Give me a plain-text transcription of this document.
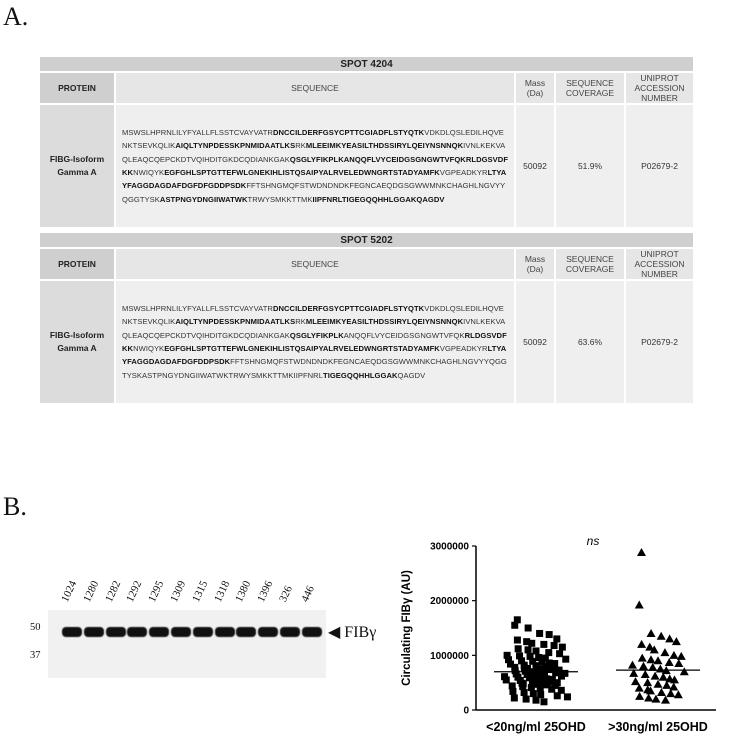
A.
SPOT 4204				
PROTEIN	SEQUENCE	Mass (Da)	SEQUENCE COVERAGE	UNIPROT ACCESSION NUMBER
FIBG-Isoform
Gamma A	MSWSLHPRNLILYFYALLFLSSTCVAYVATRDNCCILDERFGSYCPTTCGIADFLSTYQTKVDKDLQSLEDILHQVENKTSEVKQLIKAIQLTYNPDESSKPNMIDAATLKSRKMLEEIMKYEASILTHDSSIRYLQEIYNSNNQKIVNLKEKVAQLEAQCQEPCKDTVQIHDITGKDCQDIANKGAKQSGLYFIKPLKANQQFLVYCEIDGSGNGWTVFQKRLDGSVDFKKNWIQYKEGFGHLSPTGTTEFWLGNEKIHLISTQSAIPYALRVELEDWNGRTSTADYAMFKVGPEADKYRLTYAYFAGGDAGDAFDGFDFGDDPSDKFFTSHNGMQFSTWDNDNDKFEGNCAEQDGSGWWMNKCHAGHLNGVYYQGGTYSKASTPNGYDNGIIWATWKTRWYSMKKTTMKIIPFNRLTIGEGQQHHLGGAKQAGDV	50092	51.9%	P02679-2
SPOT 5202				
PROTEIN	SEQUENCE	Mass (Da)	SEQUENCE COVERAGE	UNIPROT ACCESSION NUMBER
FIBG-Isoform
Gamma A	MSWSLHPRNLILYFYALLFLSSTCVAYVATRDNCCILDERFGSYCPTTCGIADFLSTYQTKVDKDLQSLEDILHQVENKTSEVKQLIKAIQLTYNPDESSKPNMIDAATLKSRKMLEEIMKYEASILTHDSSIRYLQEIYNSNNQKIVNLKEKVAQLEAQCQEPCKDTVQIHDITGKDCQDIANKGAKQSGLYFIKPLKANQQFLVYCEIDGSGNGWTVFQKRLDGSVDFKKNWIQYKEGFGHLSPTGTTEFWLGNEKIHLISTQSAIPYALRVELEDWNGRTSTADYAMFKVGPEADKYRLTYAYFAGGDAGDAFDGFDDPSDKFFTSHNGMQFSTWDNDNDKFEGNCAEQDGSGWWMNKCHAGHLNGVYYQGGTYSKASTPNGYDNGIIWATWKTRWYSMKKTTMKIIPFNRLTIGEGQQHHLGGAKQAGDV	50092	63.6%	P02679-2
B.
1024 1280 1282 1292 1295 1309 1315 1318 1380 1396 326 446
50
37
◀ FIBγ
0
1000000
2000000
3000000
Circulating FIBγ (AU)
ns
<20ng/ml 25OHD >30ng/ml 25OHD
